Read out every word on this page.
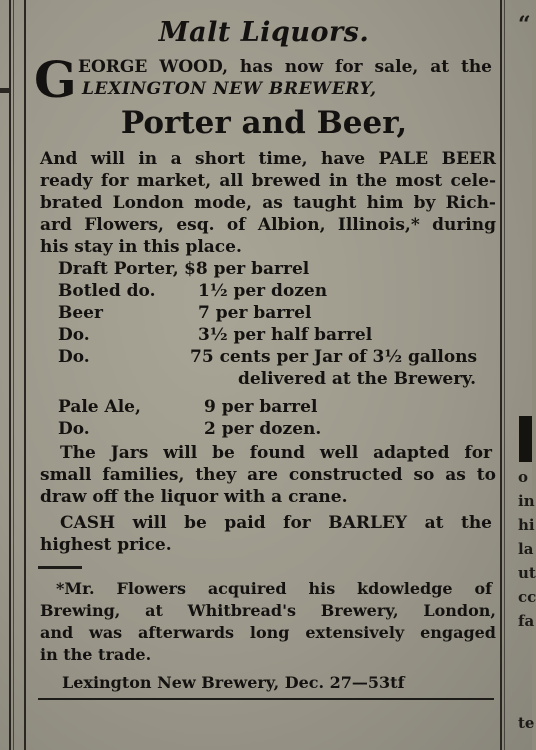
“
o
in
hi
la
ut
cc
fa
te
Malt Liquors.
G EORGE WOOD, has now for sale, at the
LEXINGTON NEW BREWERY,
Porter and Beer,
And will in a short time, have PALE BEER
ready for market, all brewed in the most cele-
brated London mode, as taught him by Rich-
ard Flowers, esq. of Albion, Illinois,* during
his stay in this place.
Draft Porter, $8 per barrel
Botled do.	1½ per dozen
Beer	7 per barrel
Do.	3½ per half barrel
Do.	75 cents per Jar of 3½ gallons
delivered at the Brewery.
Pale Ale,	9 per barrel
Do.	2 per dozen.
The Jars will be found well adapted for
small families, they are constructed so as to
draw off the liquor with a crane.
CASH will be paid for BARLEY at the
highest price.
*Mr. Flowers acquired his kdowledge of
Brewing, at Whitbread's Brewery, London,
and was afterwards long extensively engaged
in the trade.
Lexington New Brewery, Dec. 27—53tf
